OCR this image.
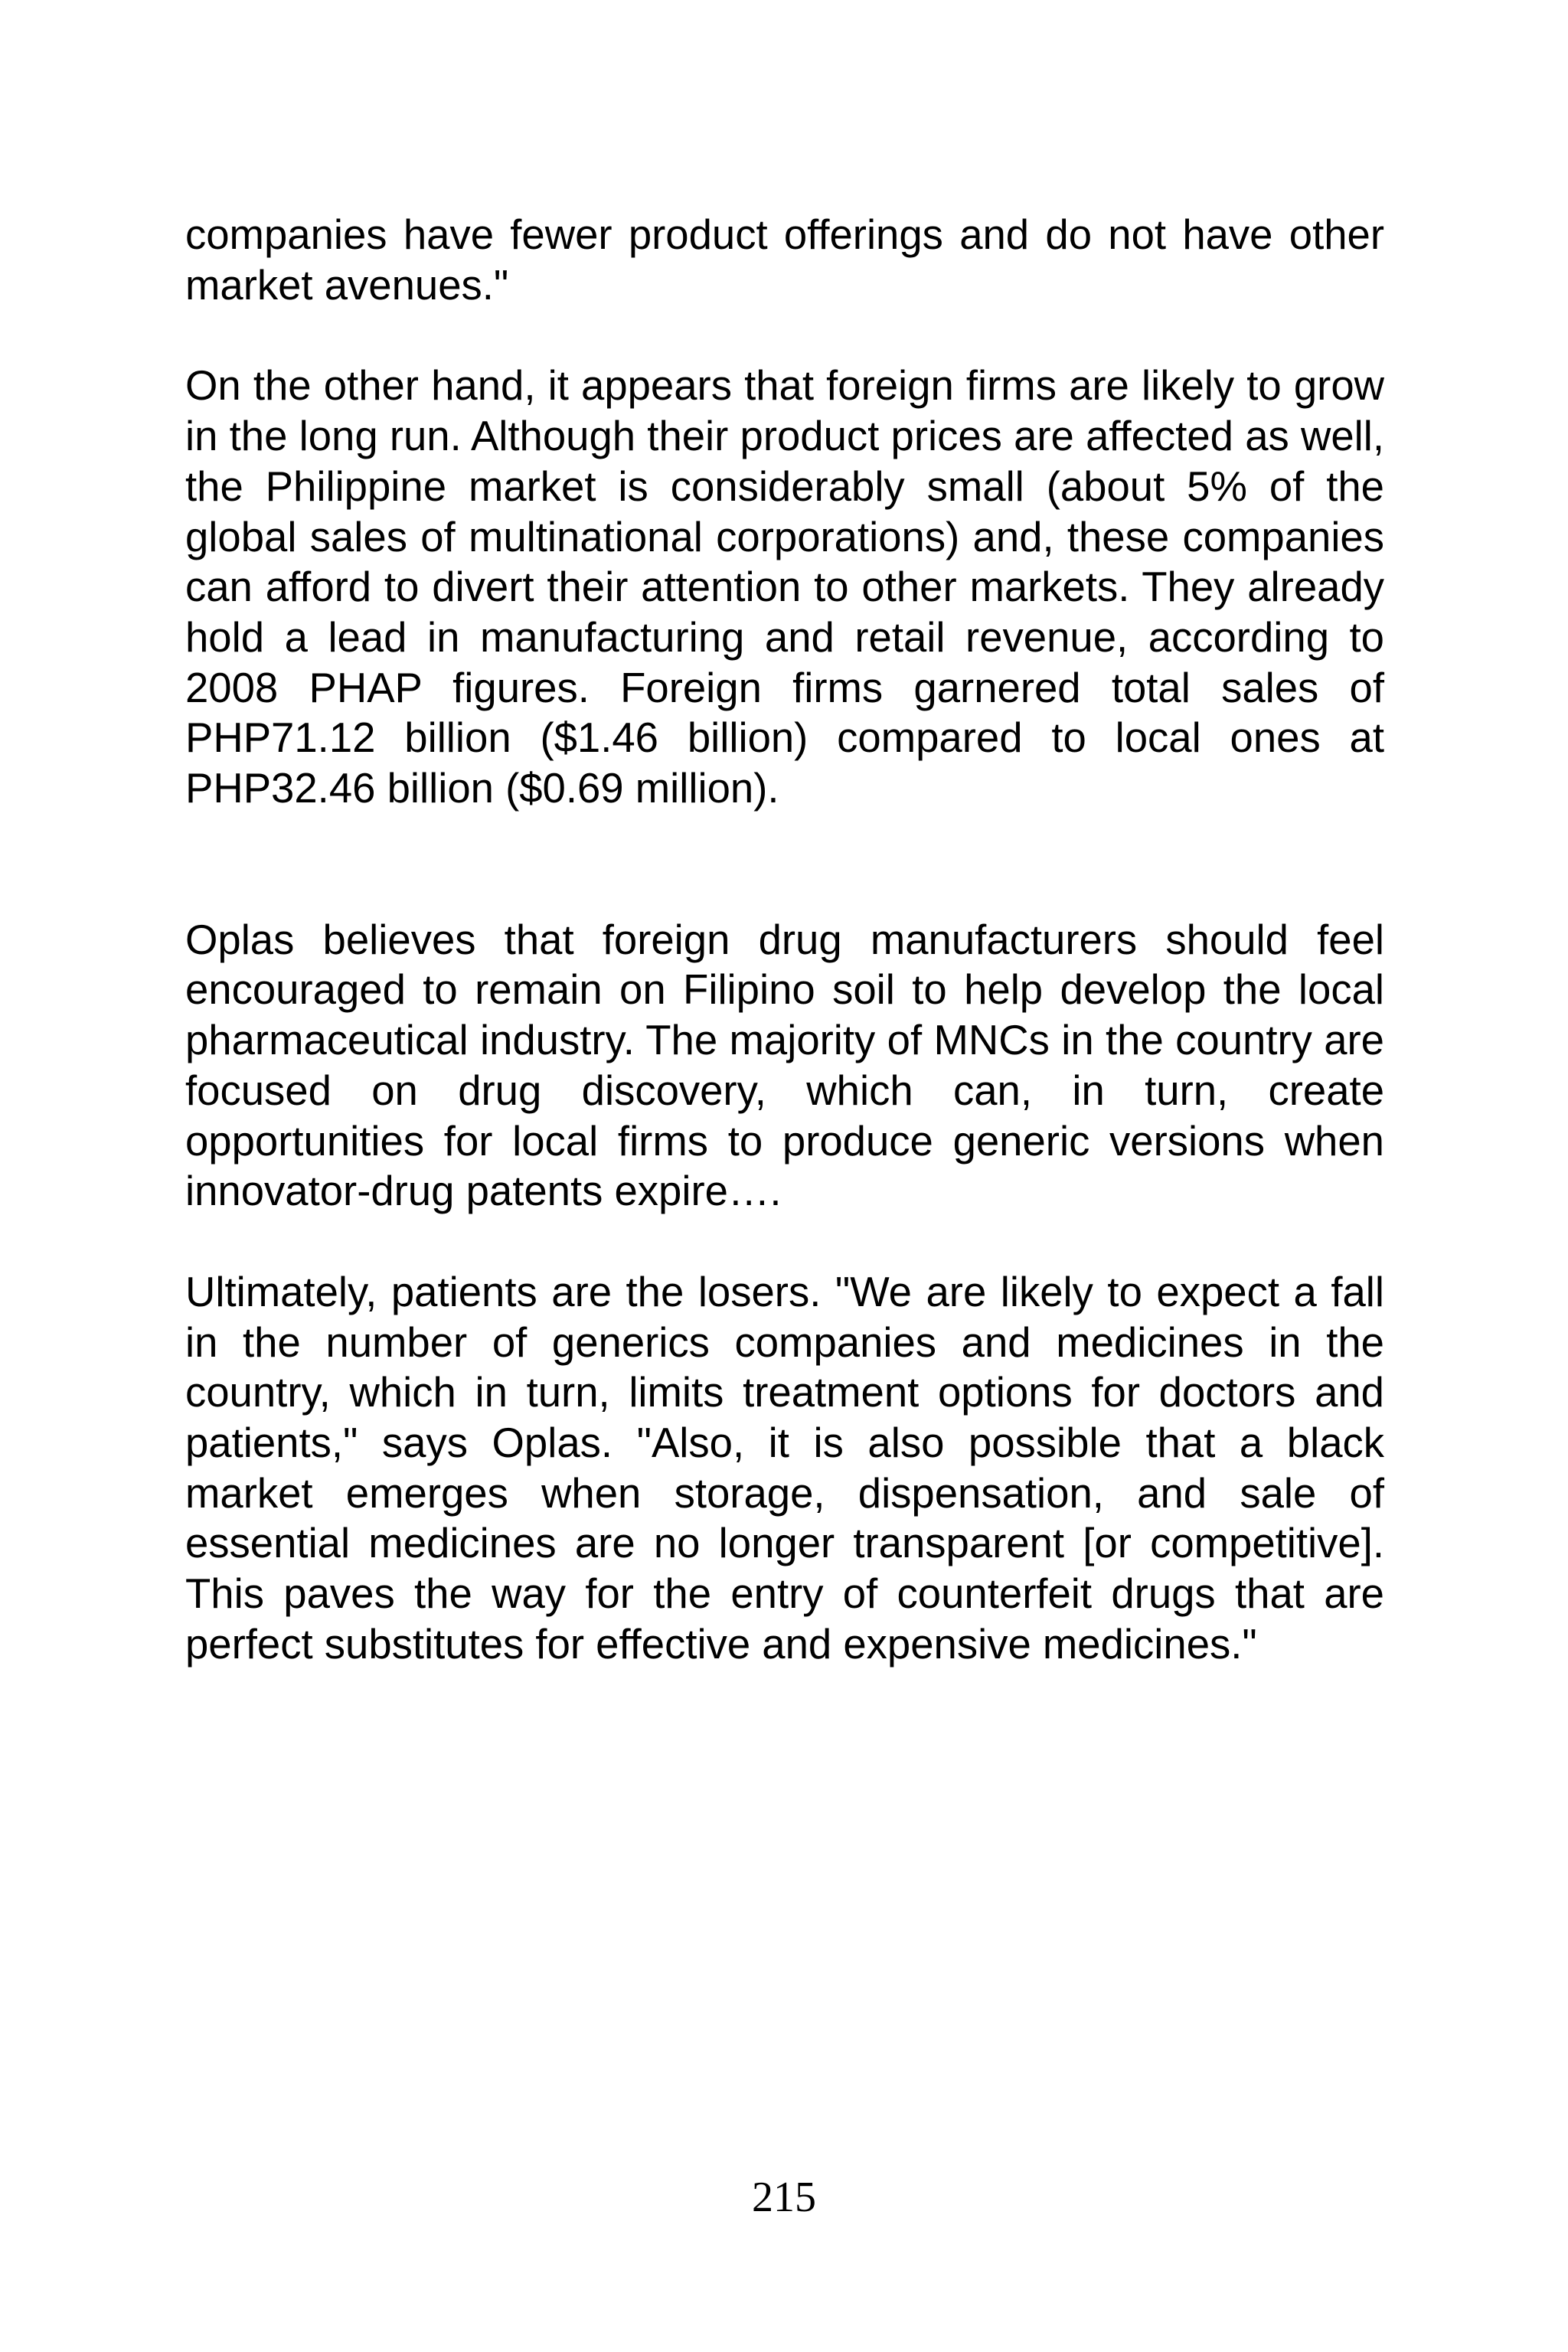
companies have fewer product offerings and do not have other market avenues."

On the other hand, it appears that foreign firms are likely to grow in the long run. Although their product prices are affected as well, the Philippine market is considerably small (about 5% of the global sales of multinational corporations) and, these companies can afford to divert their attention to other markets. They already hold a lead in manufacturing and retail revenue, according to 2008 PHAP figures. Foreign firms garnered total sales of PHP71.12 billion ($1.46 billion) compared to local ones at PHP32.46 billion ($0.69 million).

Oplas believes that foreign drug manufacturers should feel encouraged to remain on Filipino soil to help develop the local pharmaceutical industry. The majority of MNCs in the country are focused on drug discovery, which can, in turn, create opportunities for local firms to produce generic versions when innovator-drug patents expire….

Ultimately, patients are the losers. "We are likely to expect a fall in the number of generics companies and medicines in the country, which in turn, limits treatment options for doctors and patients," says Oplas. "Also, it is also possible that a black market emerges when storage, dispensation, and sale of essential medicines are no longer transparent [or competitive]. This paves the way for the entry of counterfeit drugs that are perfect substitutes for effective and expensive medicines."

215
